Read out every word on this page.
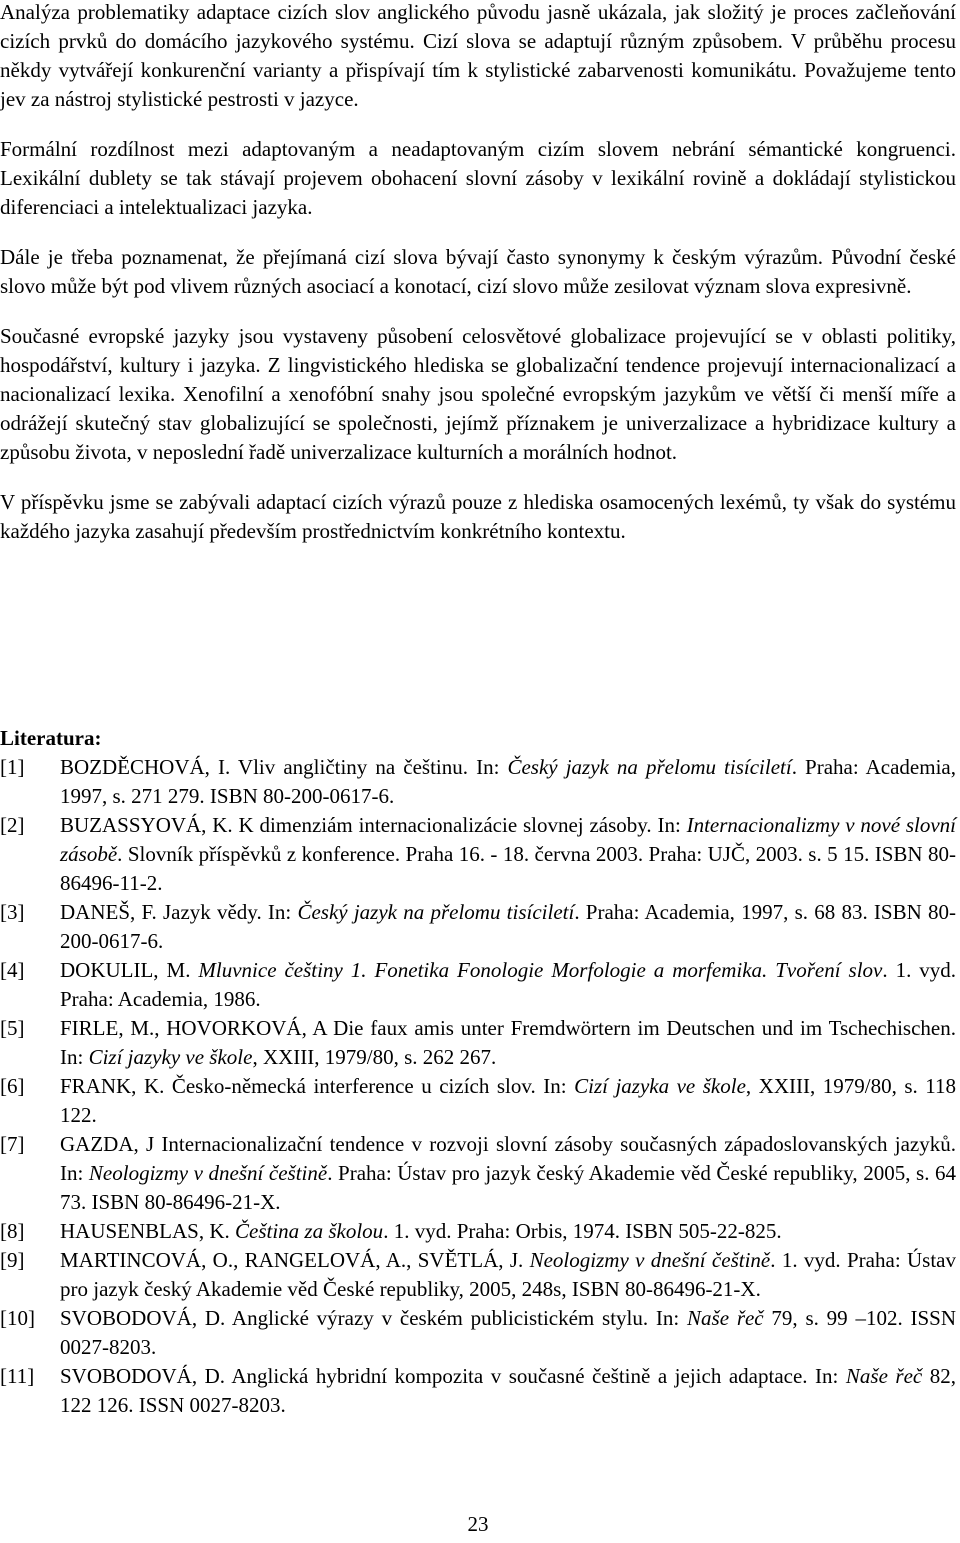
Analýza problematiky adaptace cizích slov anglického původu jasně ukázala, jak složitý je proces začleňování cizích prvků do domácího jazykového systému. Cizí slova se adaptují různým způsobem. V průběhu procesu někdy vytvářejí konkurenční varianty a přispívají tím k stylistické zabarvenosti komunikátu. Považujeme tento jev za nástroj stylistické pestrosti v jazyce.

Formální rozdílnost mezi adaptovaným a neadaptovaným cizím slovem nebrání sémantické kongruenci. Lexikální dublety se tak stávají projevem obohacení slovní zásoby v lexikální rovině a dokládají stylistickou diferenciaci a intelektualizaci jazyka.

Dále je třeba poznamenat, že přejímaná cizí slova bývají často synonymy k českým výrazům. Původní české slovo může být pod vlivem různých asociací a konotací, cizí slovo může zesilovat význam slova expresivně.

Současné evropské jazyky jsou vystaveny působení celosvětové globalizace projevující se v oblasti politiky, hospodářství, kultury i jazyka. Z lingvistického hlediska se globalizační tendence projevují internacionalizací a nacionalizací lexika. Xenofilní a xenofóbní snahy jsou společné evropským jazykům ve větší či menší míře a odrážejí skutečný stav globalizující se společnosti, jejímž příznakem je univerzalizace a hybridizace kultury a způsobu života, v neposlední řadě univerzalizace kulturních a morálních hodnot.

V příspěvku jsme se zabývali adaptací cizích výrazů pouze z hlediska osamocených lexémů, ty však do systému každého jazyka zasahují především prostřednictvím konkrétního kontextu.

Literatura:
[1]	BOZDĚCHOVÁ, I. Vliv angličtiny na češtinu. In: Český jazyk na přelomu tisíciletí. Praha: Academia, 1997, s. 271 279. ISBN 80-200-0617-6.
[2]	BUZASSYOVÁ, K. K dimenziám internacionalizácie slovnej zásoby. In: Internacionalizmy v nové slovní zásobě. Slovník příspěvků z konference. Praha 16. - 18. června 2003. Praha: UJČ, 2003. s. 5 15. ISBN 80-86496-11-2.
[3]	DANEŠ, F. Jazyk vědy. In: Český jazyk na přelomu tisíciletí. Praha: Academia, 1997, s. 68 83. ISBN 80-200-0617-6.
[4]	DOKULIL, M. Mluvnice češtiny 1. Fonetika Fonologie Morfologie a morfemika. Tvoření slov. 1. vyd. Praha: Academia, 1986.
[5]	FIRLE, M., HOVORKOVÁ, A Die faux amis unter Fremdwörtern im Deutschen und im Tschechischen. In: Cizí jazyky ve škole, XXIII, 1979/80, s. 262 267.
[6]	FRANK, K. Česko-německá interference u cizích slov. In: Cizí jazyka ve škole, XXIII, 1979/80, s. 118 122.
[7]	GAZDA, J Internacionalizační tendence v rozvoji slovní zásoby současných západoslovanských jazyků. In: Neologizmy v dnešní češtině. Praha: Ústav pro jazyk český Akademie věd České republiky, 2005, s. 64 73. ISBN 80-86496-21-X.
[8]	HAUSENBLAS, K. Čeština za školou. 1. vyd. Praha: Orbis, 1974. ISBN 505-22-825.
[9]	MARTINCOVÁ, O., RANGELOVÁ, A., SVĚTLÁ, J. Neologizmy v dnešní češtině. 1. vyd. Praha: Ústav pro jazyk český Akademie věd České republiky, 2005, 248s, ISBN 80-86496-21-X.
[10]	SVOBODOVÁ, D. Anglické výrazy v českém publicistickém stylu. In: Naše řeč 79, s. 99 –102. ISSN 0027-8203.
[11]	SVOBODOVÁ, D. Anglická hybridní kompozita v současné češtině a jejich adaptace. In: Naše řeč 82, 122 126. ISSN 0027-8203.
23
